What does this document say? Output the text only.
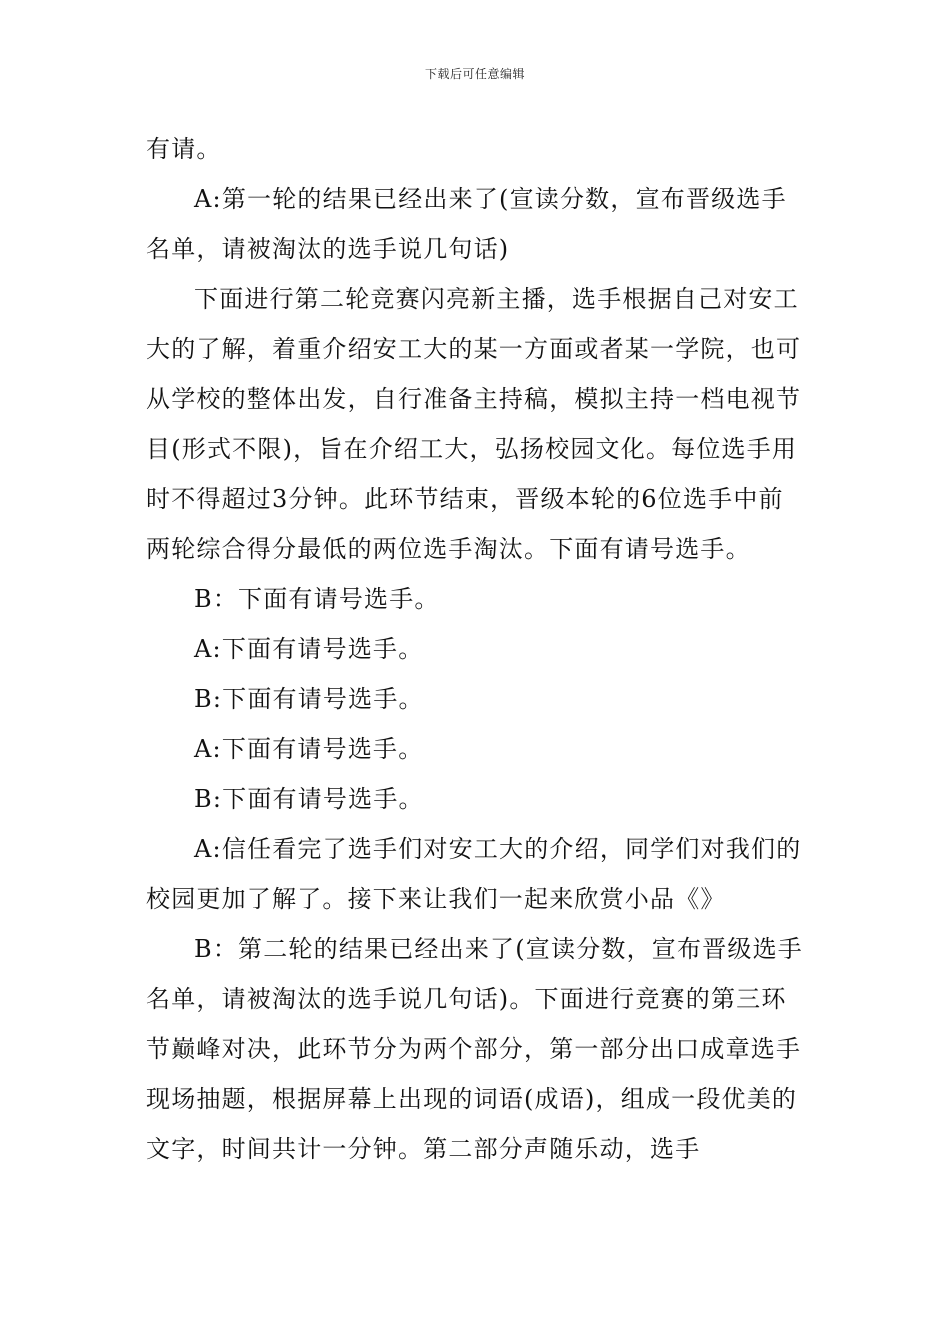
下载后可任意编辑

有请。

A:第一轮的结果已经出来了(宣读分数，宣布晋级选手名单，请被淘汰的选手说几句话)

下面进行第二轮竞赛闪亮新主播，选手根据自己对安工大的了解，着重介绍安工大的某一方面或者某一学院，也可从学校的整体出发，自行准备主持稿，模拟主持一档电视节目(形式不限)，旨在介绍工大，弘扬校园文化。每位选手用时不得超过3分钟。此环节结束，晋级本轮的6位选手中前两轮综合得分最低的两位选手淘汰。下面有请号选手。

B：下面有请号选手。

A:下面有请号选手。

B:下面有请号选手。

A:下面有请号选手。

B:下面有请号选手。

A:信任看完了选手们对安工大的介绍，同学们对我们的校园更加了解了。接下来让我们一起来欣赏小品《》

B：第二轮的结果已经出来了(宣读分数，宣布晋级选手名单，请被淘汰的选手说几句话)。下面进行竞赛的第三环节巅峰对决，此环节分为两个部分，第一部分出口成章选手现场抽题，根据屏幕上出现的词语(成语)，组成一段优美的文字，时间共计一分钟。第二部分声随乐动，选手
